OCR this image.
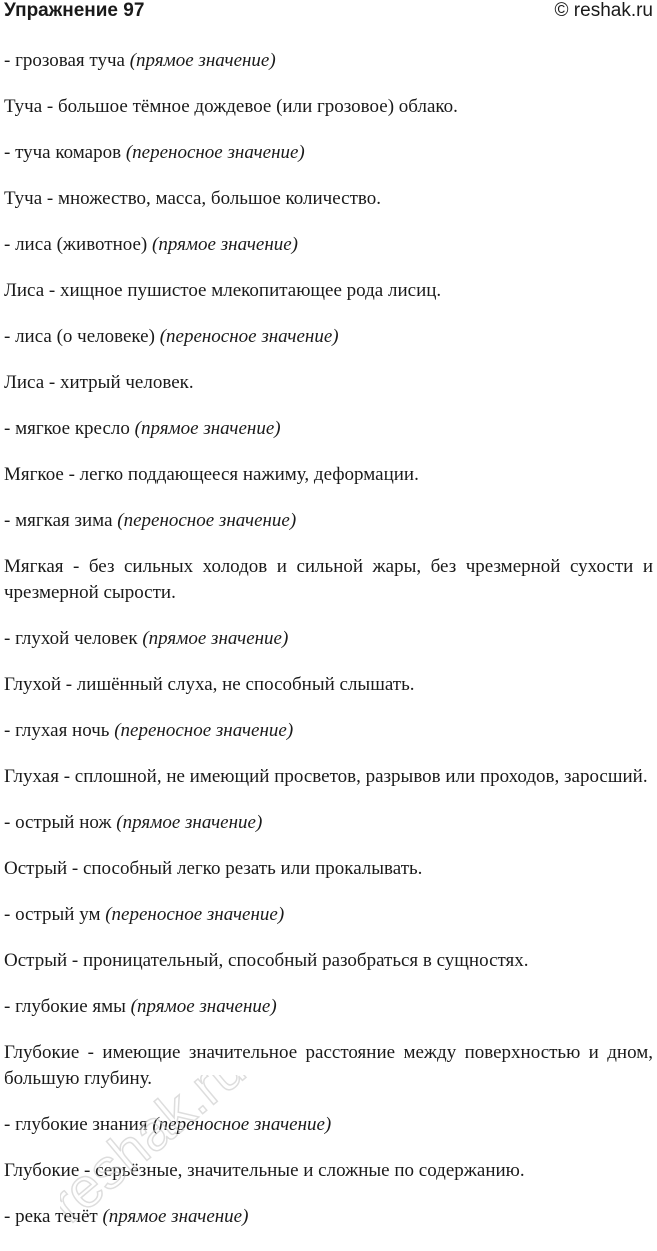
Упражнение 97	© reshak.ru
- грозовая туча (прямое значение)
Туча - большое тёмное дождевое (или грозовое) облако.
- туча комаров (переносное значение)
Туча - множество, масса, большое количество.
- лиса (животное) (прямое значение)
Лиса - хищное пушистое млекопитающее рода лисиц.
- лиса (о человеке) (переносное значение)
Лиса - хитрый человек.
- мягкое кресло (прямое значение)
Мягкое - легко поддающееся нажиму, деформации.
- мягкая зима (переносное значение)
Мягкая - без сильных холодов и сильной жары, без чрезмерной сухости и чрезмерной сырости.
- глухой человек (прямое значение)
Глухой - лишённый слуха, не способный слышать.
- глухая ночь (переносное значение)
Глухая - сплошной, не имеющий просветов, разрывов или проходов, заросший.
- острый нож (прямое значение)
Острый - способный легко резать или прокалывать.
- острый ум (переносное значение)
Острый - проницательный, способный разобраться в сущностях.
- глубокие ямы (прямое значение)
Глубокие - имеющие значительное расстояние между поверхностью и дном, большую глубину.
- глубокие знания (переносное значение)
Глубокие - серьёзные, значительные и сложные по содержанию.
- река течёт (прямое значение)
reshak.ru
